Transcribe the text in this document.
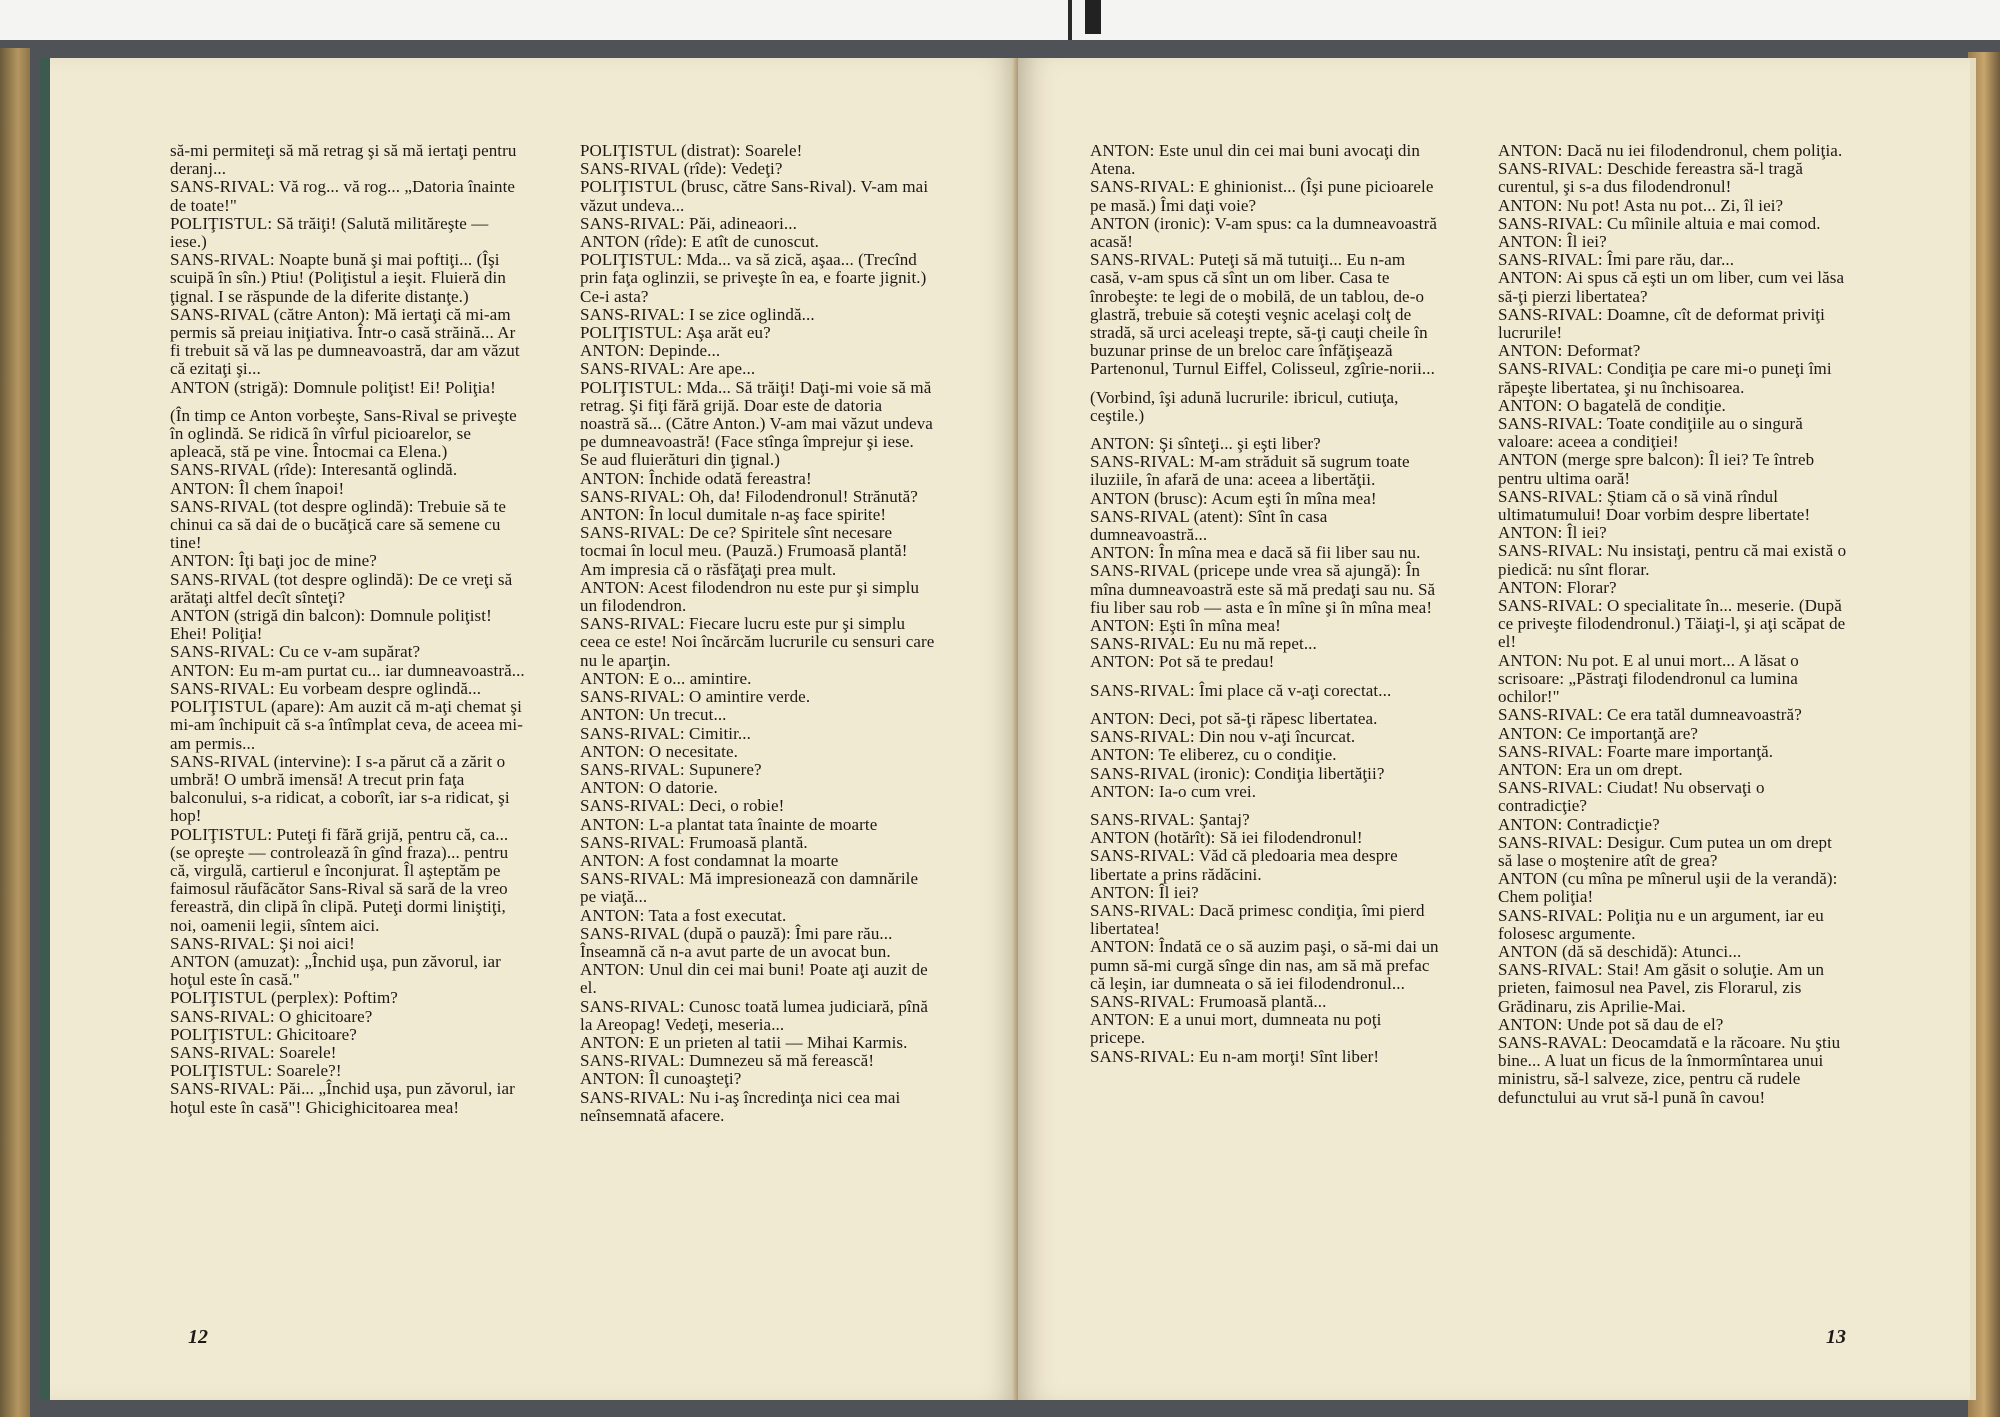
să-mi permiteţi să mă retrag şi să mă iertaţi pentru deranj...

SANS-RIVAL: Vă rog... vă rog... „Datoria înainte de toate!"

POLIŢISTUL: Să trăiţi! (Salută milităreşte — iese.)

SANS-RIVAL: Noapte bună şi mai poftiţi... (Îşi scuipă în sîn.) Ptiu! (Poliţistul a ieşit. Fluieră din ţignal. I se răspunde de la diferite distanţe.)

SANS-RIVAL (către Anton): Mă iertaţi că mi-am permis să preiau iniţiativa. Într-o casă străină... Ar fi trebuit să vă las pe dumneavoastră, dar am văzut că ezitaţi şi...

ANTON (strigă): Domnule poliţist! Ei! Poliţia!

(În timp ce Anton vorbeşte, Sans-Rival se priveşte în oglindă. Se ridică în vîrful picioarelor, se apleacă, stă pe vine. Întocmai ca Elena.)

SANS-RIVAL (rîde): Interesantă oglindă.

ANTON: Îl chem înapoi!

SANS-RIVAL (tot despre oglindă): Trebuie să te chinui ca să dai de o bucăţică care să semene cu tine!

ANTON: Îţi baţi joc de mine?

SANS-RIVAL (tot despre oglindă): De ce vreţi să arătaţi altfel decît sînteţi?

ANTON (strigă din balcon): Domnule poliţist! Ehei! Poliţia!

SANS-RIVAL: Cu ce v-am supărat?

ANTON: Eu m-am purtat cu... iar dumneavoastră...

SANS-RIVAL: Eu vorbeam despre oglindă...

POLIŢISTUL (apare): Am auzit că m-aţi chemat şi mi-am închipuit că s-a întîmplat ceva, de aceea mi-am permis...

SANS-RIVAL (intervine): I s-a părut că a zărit o umbră! O umbră imensă! A trecut prin faţa balconului, s-a ridicat, a coborît, iar s-a ridicat, şi hop!

POLIŢISTUL: Puteţi fi fără grijă, pentru că, ca... (se opreşte — controlează în gînd fraza)... pentru că, virgulă, cartierul e înconjurat. Îl aşteptăm pe faimosul răufăcător Sans-Rival să sară de la vreo fereastră, din clipă în clipă. Puteţi dormi liniştiţi, noi, oamenii legii, sîntem aici.

SANS-RIVAL: Şi noi aici!

ANTON (amuzat): „Închid uşa, pun zăvorul, iar hoţul este în casă."

POLIŢISTUL (perplex): Poftim?

SANS-RIVAL: O ghicitoare?

POLIŢISTUL: Ghicitoare?

SANS-RIVAL: Soarele!

POLIŢISTUL: Soarele?!

SANS-RIVAL: Păi... „Închid uşa, pun zăvorul, iar hoţul este în casă"! Ghicighicitoarea mea!

POLIŢISTUL (distrat): Soarele!

SANS-RIVAL (rîde): Vedeţi?

POLIŢISTUL (brusc, către Sans-Rival). V-am mai văzut undeva...

SANS-RIVAL: Păi, adineaori...

ANTON (rîde): E atît de cunoscut.

POLIŢISTUL: Mda... va să zică, aşaa... (Trecînd prin faţa oglinzii, se priveşte în ea, e foarte jignit.) Ce-i asta?

SANS-RIVAL: I se zice oglindă...

POLIŢISTUL: Aşa arăt eu?

ANTON: Depinde...

SANS-RIVAL: Are ape...

POLIŢISTUL: Mda... Să trăiţi! Daţi-mi voie să mă retrag. Şi fiţi fără grijă. Doar este de datoria noastră să... (Către Anton.) V-am mai văzut undeva pe dumneavoastră! (Face stînga împrejur şi iese. Se aud fluierături din ţignal.)

ANTON: Închide odată fereastra!

SANS-RIVAL: Oh, da! Filodendronul! Strănută?

ANTON: În locul dumitale n-aş face spirite!

SANS-RIVAL: De ce? Spiritele sînt necesare tocmai în locul meu. (Pauză.) Frumoasă plantă! Am impresia că o răsfăţaţi prea mult.

ANTON: Acest filodendron nu este pur şi simplu un filodendron.

SANS-RIVAL: Fiecare lucru este pur şi simplu ceea ce este! Noi încărcăm lucrurile cu sensuri care nu le aparţin.

ANTON: E o... amintire.

SANS-RIVAL: O amintire verde.

ANTON: Un trecut...

SANS-RIVAL: Cimitir...

ANTON: O necesitate.

SANS-RIVAL: Supunere?

ANTON: O datorie.

SANS-RIVAL: Deci, o robie!

ANTON: L-a plantat tata înainte de moarte

SANS-RIVAL: Frumoasă plantă.

ANTON: A fost condamnat la moarte

SANS-RIVAL: Mă impresionează con damnările pe viaţă...

ANTON: Tata a fost executat.

SANS-RIVAL (după o pauză): Îmi pare rău... Înseamnă că n-a avut parte de un avocat bun.

ANTON: Unul din cei mai buni! Poate aţi auzit de el.

SANS-RIVAL: Cunosc toată lumea judiciară, pînă la Areopag! Vedeţi, meseria...

ANTON: E un prieten al tatii — Mihai Karmis.

SANS-RIVAL: Dumnezeu să mă ferească!

ANTON: Îl cunoaşteţi?

SANS-RIVAL: Nu i-aş încredinţa nici cea mai neînsemnată afacere.

12

ANTON: Este unul din cei mai buni avocaţi din Atena.

SANS-RIVAL: E ghinionist... (Îşi pune picioarele pe masă.) Îmi daţi voie?

ANTON (ironic): V-am spus: ca la dumneavoastră acasă!

SANS-RIVAL: Puteţi să mă tutuiţi... Eu n-am casă, v-am spus că sînt un om liber. Casa te înrobeşte: te legi de o mobilă, de un tablou, de-o glastră, trebuie să coteşti veşnic acelaşi colţ de stradă, să urci aceleaşi trepte, să-ţi cauţi cheile în buzunar prinse de un breloc care înfăţişează Partenonul, Turnul Eiffel, Colisseul, zgîrie-norii...

(Vorbind, îşi adună lucrurile: ibricul, cutiuţa, ceştile.)

ANTON: Şi sînteţi... şi eşti liber?

SANS-RIVAL: M-am străduit să sugrum toate iluziile, în afară de una: aceea a libertăţii.

ANTON (brusc): Acum eşti în mîna mea!

SANS-RIVAL (atent): Sînt în casa dumneavoastră...

ANTON: În mîna mea e dacă să fii liber sau nu.

SANS-RIVAL (pricepe unde vrea să ajungă): În mîna dumneavoastră este să mă predaţi sau nu. Să fiu liber sau rob — asta e în mîne şi în mîna mea!

ANTON: Eşti în mîna mea!

SANS-RIVAL: Eu nu mă repet...

ANTON: Pot să te predau!

SANS-RIVAL: Îmi place că v-aţi corectat...

ANTON: Deci, pot să-ţi răpesc libertatea.

SANS-RIVAL: Din nou v-aţi încurcat.

ANTON: Te eliberez, cu o condiţie.

SANS-RIVAL (ironic): Condiţia libertăţii?

ANTON: Ia-o cum vrei.

SANS-RIVAL: Şantaj?

ANTON (hotărît): Să iei filodendronul!

SANS-RIVAL: Văd că pledoaria mea despre libertate a prins rădăcini.

ANTON: Îl iei?

SANS-RIVAL: Dacă primesc condiţia, îmi pierd libertatea!

ANTON: Îndată ce o să auzim paşi, o să-mi dai un pumn să-mi curgă sînge din nas, am să mă prefac că leşin, iar dumneata o să iei filodendronul...

SANS-RIVAL: Frumoasă plantă...

ANTON: E a unui mort, dumneata nu poţi pricepe.

SANS-RIVAL: Eu n-am morţi! Sînt liber!

ANTON: Dacă nu iei filodendronul, chem poliţia.

SANS-RIVAL: Deschide fereastra să-l tragă curentul, şi s-a dus filodendronul!

ANTON: Nu pot! Asta nu pot... Zi, îl iei?

SANS-RIVAL: Cu mîinile altuia e mai comod.

ANTON: Îl iei?

SANS-RIVAL: Îmi pare rău, dar...

ANTON: Ai spus că eşti un om liber, cum vei lăsa să-ţi pierzi libertatea?

SANS-RIVAL: Doamne, cît de deformat priviţi lucrurile!

ANTON: Deformat?

SANS-RIVAL: Condiţia pe care mi-o puneţi îmi răpeşte libertatea, şi nu închisoarea.

ANTON: O bagatelă de condiţie.

SANS-RIVAL: Toate condiţiile au o singură valoare: aceea a condiţiei!

ANTON (merge spre balcon): Îl iei? Te întreb pentru ultima oară!

SANS-RIVAL: Ştiam că o să vină rîndul ultimatumului! Doar vorbim despre libertate!

ANTON: Îl iei?

SANS-RIVAL: Nu insistaţi, pentru că mai există o piedică: nu sînt florar.

ANTON: Florar?

SANS-RIVAL: O specialitate în... meserie. (După ce priveşte filodendronul.) Tăiaţi-l, şi aţi scăpat de el!

ANTON: Nu pot. E al unui mort... A lăsat o scrisoare: „Păstraţi filodendronul ca lumina ochilor!"

SANS-RIVAL: Ce era tatăl dumneavoastră?

ANTON: Ce importanţă are?

SANS-RIVAL: Foarte mare importanţă.

ANTON: Era un om drept.

SANS-RIVAL: Ciudat! Nu observaţi o contradicţie?

ANTON: Contradicţie?

SANS-RIVAL: Desigur. Cum putea un om drept să lase o moştenire atît de grea?

ANTON (cu mîna pe mînerul uşii de la verandă): Chem poliţia!

SANS-RIVAL: Poliţia nu e un argument, iar eu folosesc argumente.

ANTON (dă să deschidă): Atunci...

SANS-RIVAL: Stai! Am găsit o soluţie. Am un prieten, faimosul nea Pavel, zis Florarul, zis Grădinaru, zis Aprilie-Mai.

ANTON: Unde pot să dau de el?

SANS-RAVAL: Deocamdată e la răcoare. Nu ştiu bine... A luat un ficus de la înmormîntarea unui ministru, să-l salveze, zice, pentru că rudele defunctului au vrut să-l pună în cavou!

13
